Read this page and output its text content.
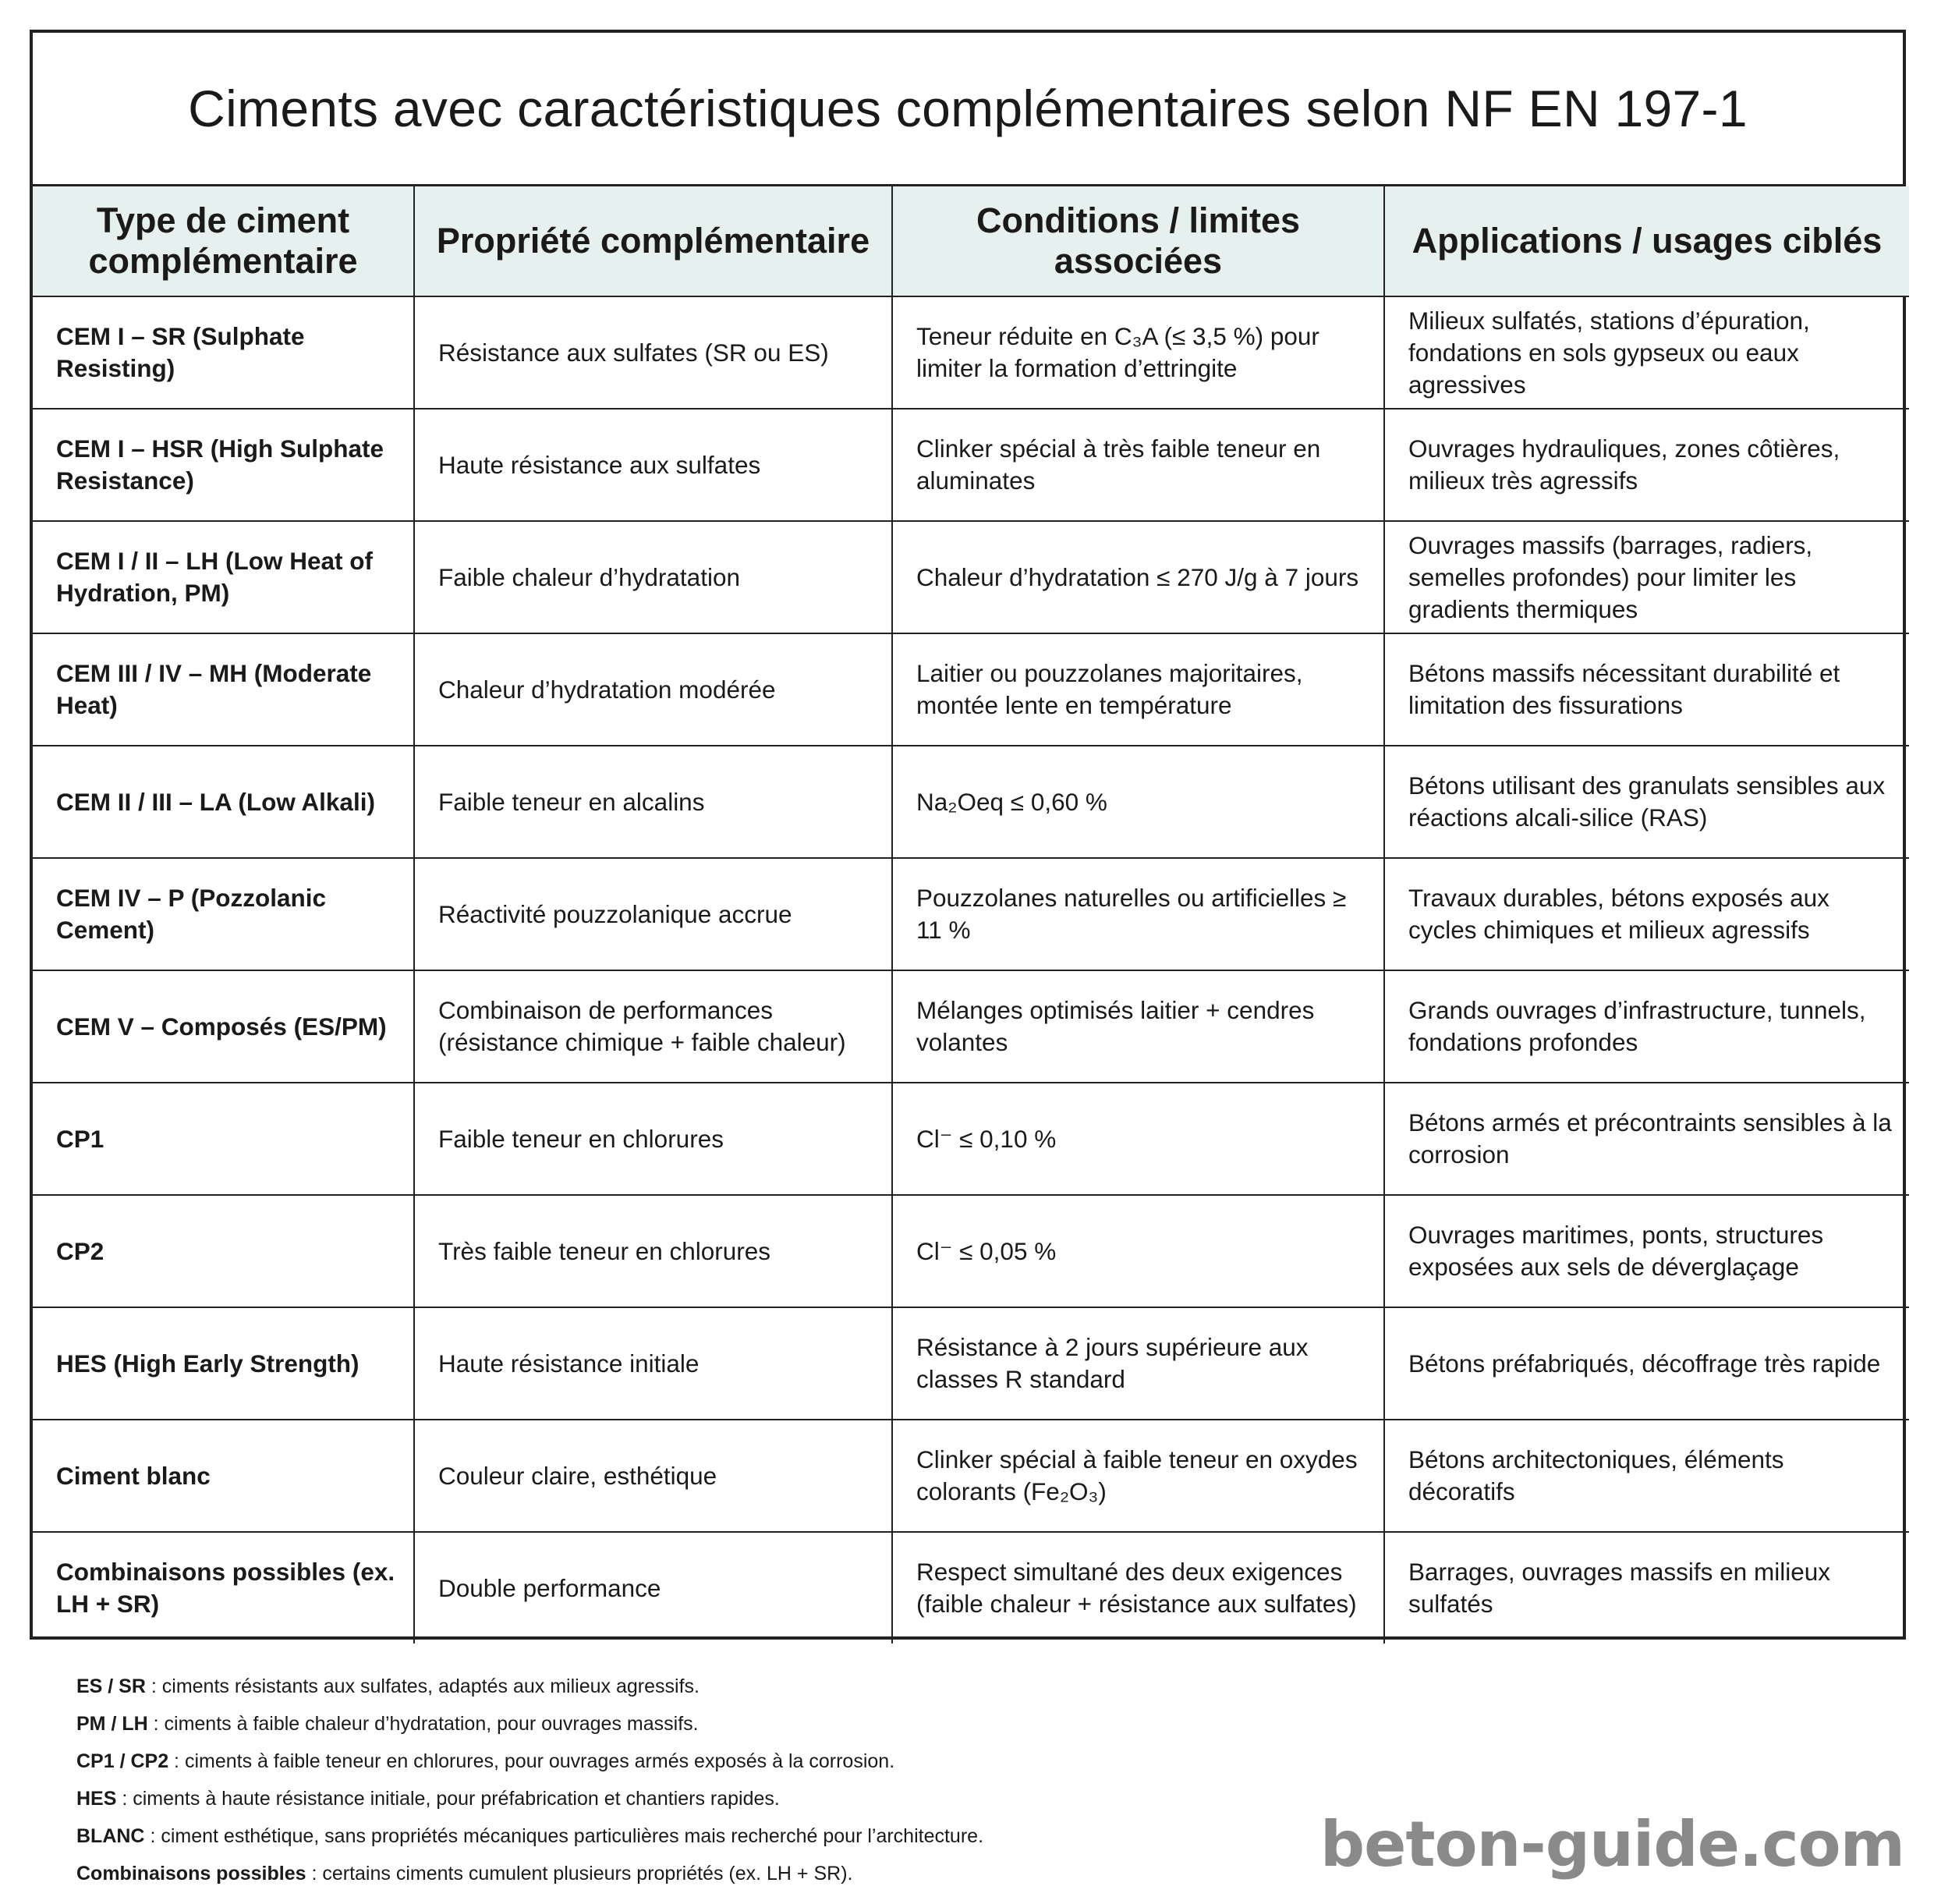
Ciments avec caractéristiques complémentaires selon NF EN 197-1
Type de ciment complémentaire	Propriété complémentaire	Conditions / limites associées	Applications / usages ciblés
CEM I – SR (Sulphate Resisting)	Résistance aux sulfates (SR ou ES)	Teneur réduite en C₃A (≤ 3,5 %) pour limiter la formation d’ettringite	Milieux sulfatés, stations d’épuration, fondations en sols gypseux ou eaux agressives
CEM I – HSR (High Sulphate Resistance)	Haute résistance aux sulfates	Clinker spécial à très faible teneur en aluminates	Ouvrages hydrauliques, zones côtières, milieux très agressifs
CEM I / II – LH (Low Heat of Hydration, PM)	Faible chaleur d’hydratation	Chaleur d’hydratation ≤ 270 J/g à 7 jours	Ouvrages massifs (barrages, radiers, semelles profondes) pour limiter les gradients thermiques
CEM III / IV – MH (Moderate Heat)	Chaleur d’hydratation modérée	Laitier ou pouzzolanes majoritaires, montée lente en température	Bétons massifs nécessitant durabilité et limitation des fissurations
CEM II / III – LA (Low Alkali)	Faible teneur en alcalins	Na₂Oeq ≤ 0,60 %	Bétons utilisant des granulats sensibles aux réactions alcali-silice (RAS)
CEM IV – P (Pozzolanic Cement)	Réactivité pouzzolanique accrue	Pouzzolanes naturelles ou artificielles ≥ 11 %	Travaux durables, bétons exposés aux cycles chimiques et milieux agressifs
CEM V – Composés (ES/PM)	Combinaison de performances (résistance chimique + faible chaleur)	Mélanges optimisés laitier + cendres volantes	Grands ouvrages d’infrastructure, tunnels, fondations profondes
CP1	Faible teneur en chlorures	Cl⁻ ≤ 0,10 %	Bétons armés et précontraints sensibles à la corrosion
CP2	Très faible teneur en chlorures	Cl⁻ ≤ 0,05 %	Ouvrages maritimes, ponts, structures exposées aux sels de déverglaçage
HES (High Early Strength)	Haute résistance initiale	Résistance à 2 jours supérieure aux classes R standard	Bétons préfabriqués, décoffrage très rapide
Ciment blanc	Couleur claire, esthétique	Clinker spécial à faible teneur en oxydes colorants (Fe₂O₃)	Bétons architectoniques, éléments décoratifs
Combinaisons possibles (ex. LH + SR)	Double performance	Respect simultané des deux exigences (faible chaleur + résistance aux sulfates)	Barrages, ouvrages massifs en milieux sulfatés
ES / SR : ciments résistants aux sulfates, adaptés aux milieux agressifs.
PM / LH : ciments à faible chaleur d’hydratation, pour ouvrages massifs.
CP1 / CP2 : ciments à faible teneur en chlorures, pour ouvrages armés exposés à la corrosion.
HES : ciments à haute résistance initiale, pour préfabrication et chantiers rapides.
BLANC : ciment esthétique, sans propriétés mécaniques particulières mais recherché pour l’architecture.
Combinaisons possibles : certains ciments cumulent plusieurs propriétés (ex. LH + SR).	beton-guide.com
